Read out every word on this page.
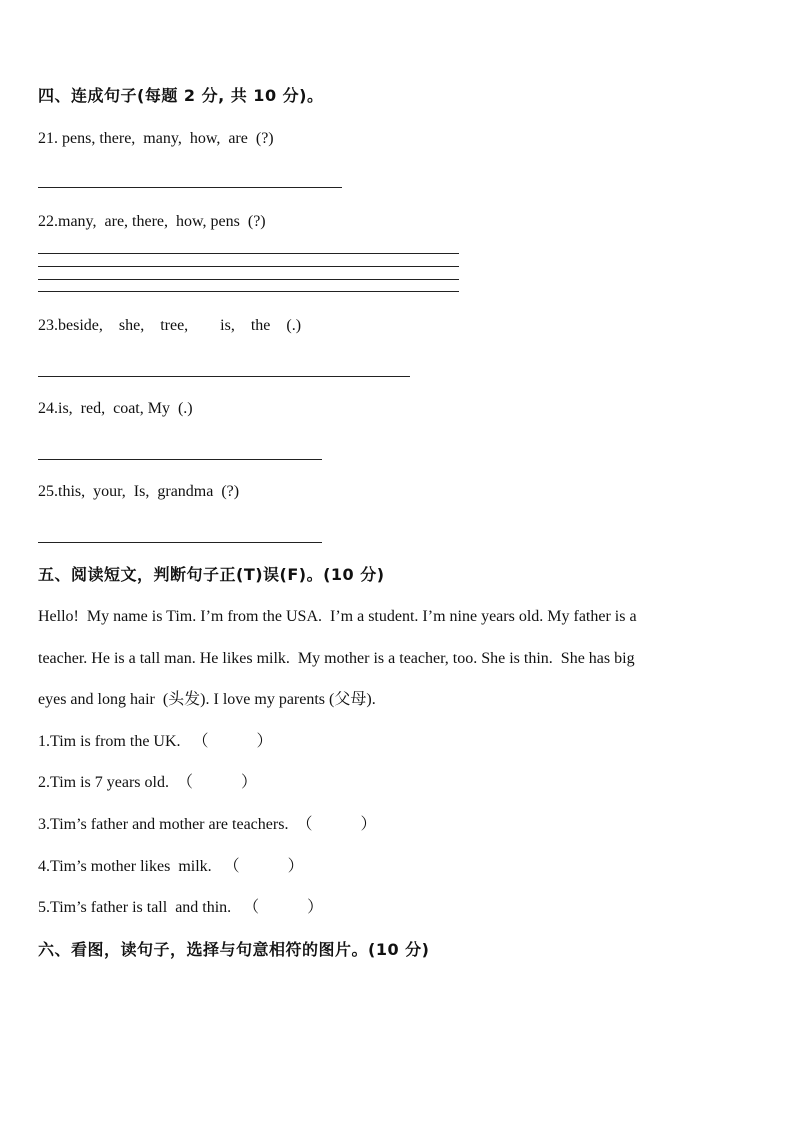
四、连成句子(每题 2 分, 共 10 分)。
21. pens, there,  many,  how,  are  (?)
22.many,  are, there,  how, pens  (?)
23.beside,    she,    tree,        is,    the    (.)
24.is,  red,  coat, My  (.)
25.this,  your,  Is,  grandma  (?)
五、阅读短文，判断句子正(T)误(F)。(10 分)
Hello!  My name is Tim. I’m from the USA.  I’m a student. I’m nine years old. My father is a
teacher. He is a tall man. He likes milk.  My mother is a teacher, too. She is thin.  She has big
eyes and long hair  (头发). I love my parents (父母).
1.Tim is from the UK.   （            ）
2.Tim is 7 years old.  （            ）
3.Tim’s father and mother are teachers.  （            ）
4.Tim’s mother likes  milk.   （            ）
5.Tim’s father is tall  and thin.   （            ）
六、看图，读句子，选择与句意相符的图片。(10 分)
